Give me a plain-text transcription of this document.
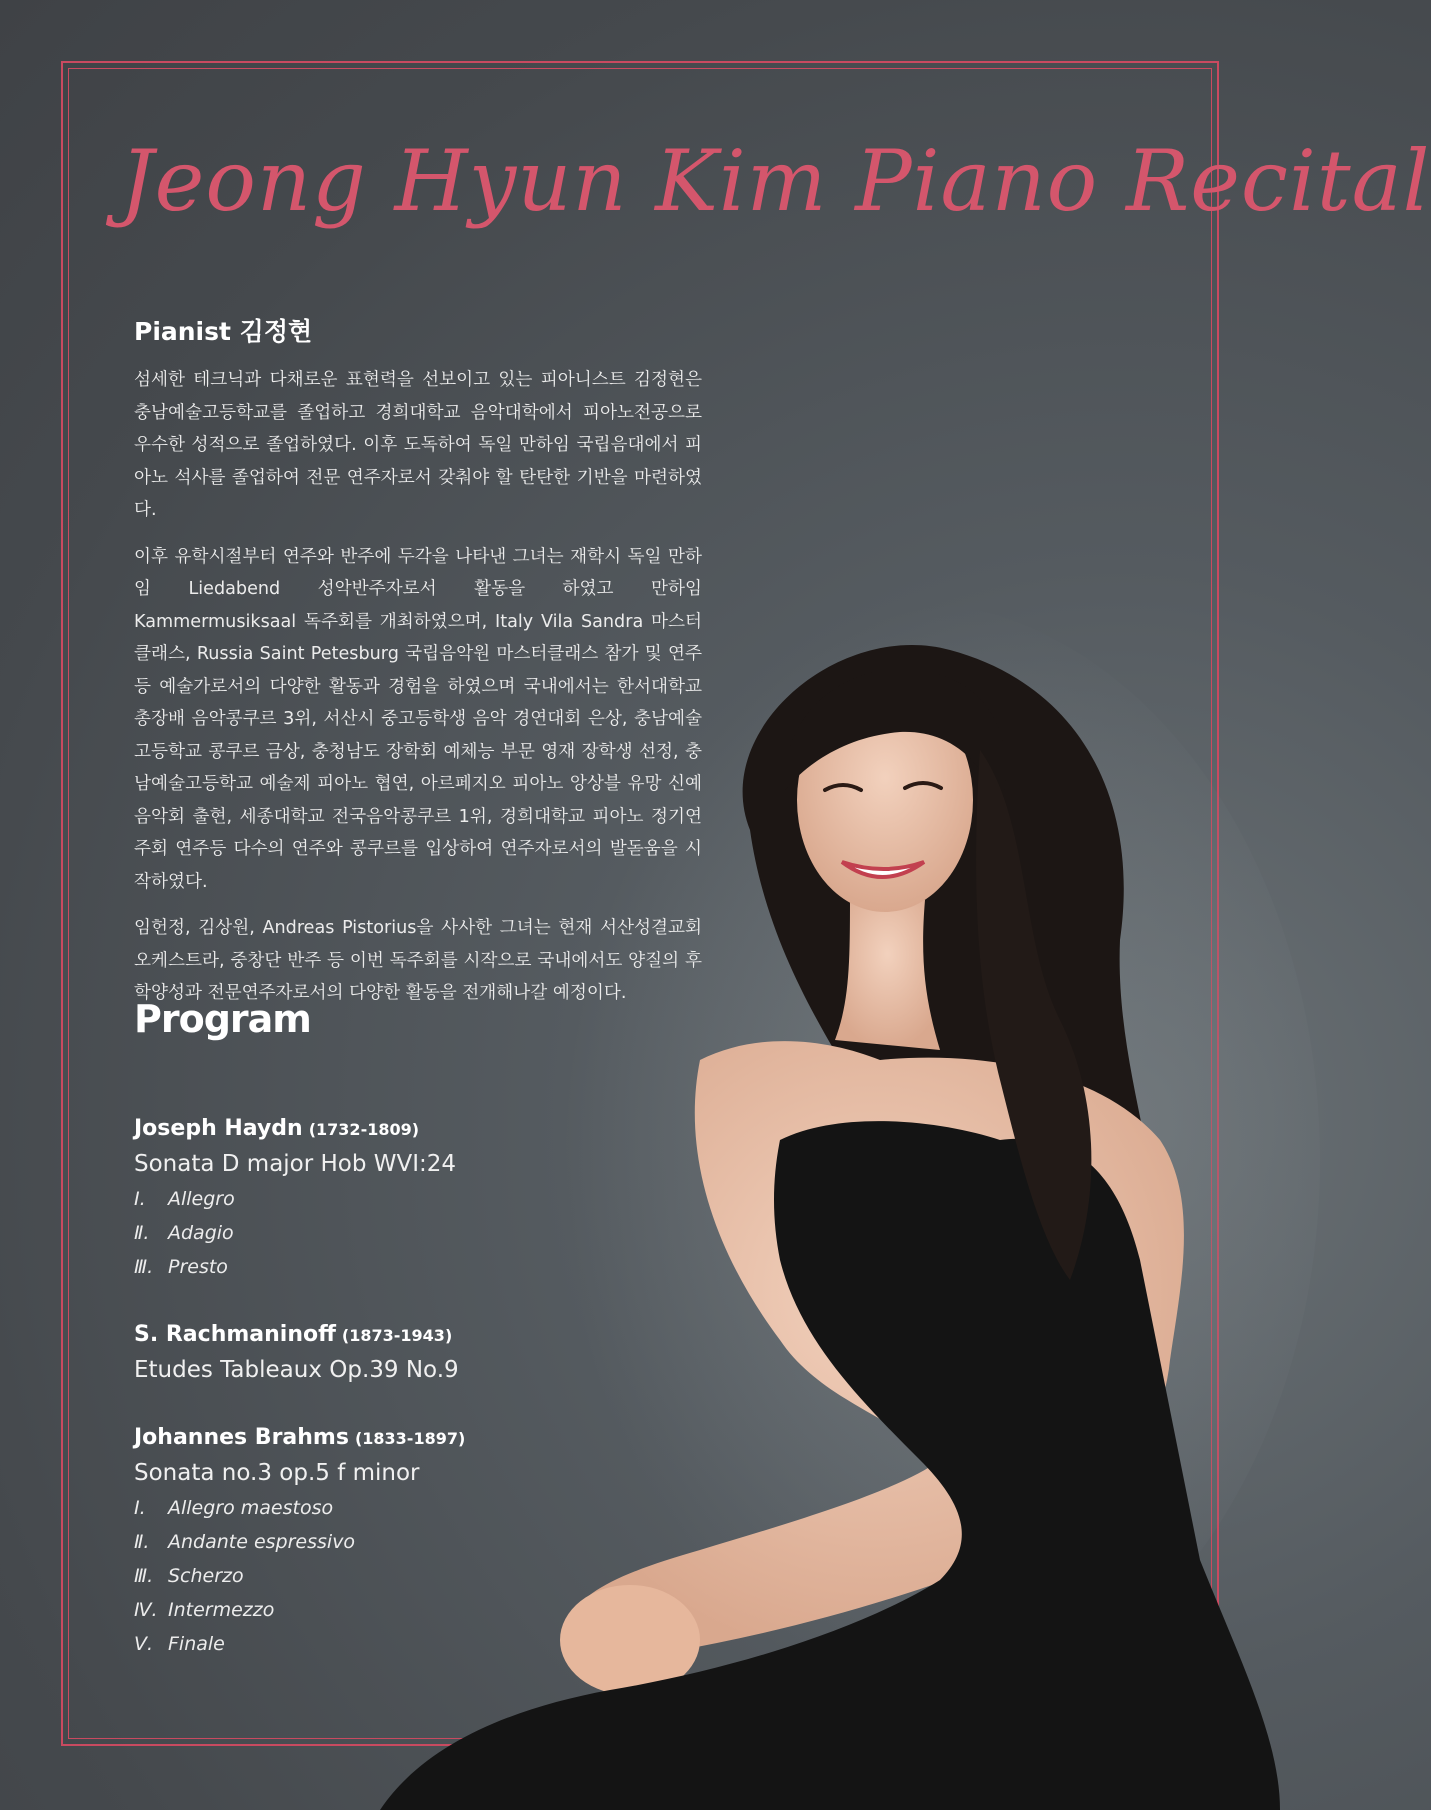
Jeong Hyun Kim Piano Recital
Pianist 김정현

섬세한 테크닉과 다채로운 표현력을 선보이고 있는 피아니스트 김정현은 충남예술고등학교를 졸업하고 경희대학교 음악대학에서 피아노전공으로 우수한 성적으로 졸업하였다. 이후 도독하여 독일 만하임 국립음대에서 피아노 석사를 졸업하여 전문 연주자로서 갖춰야 할 탄탄한 기반을 마련하였다.

이후 유학시절부터 연주와 반주에 두각을 나타낸 그녀는 재학시 독일 만하임 Liedabend 성악반주자로서 활동을 하였고 만하임 Kammermusiksaal 독주회를 개최하였으며, Italy Vila Sandra 마스터클래스, Russia Saint Petesburg 국립음악원 마스터클래스 참가 및 연주 등 예술가로서의 다양한 활동과 경험을 하였으며 국내에서는 한서대학교 총장배 음악콩쿠르 3위, 서산시 중고등학생 음악 경연대회 은상, 충남예술고등학교 콩쿠르 금상, 충청남도 장학회 예체능 부문 영재 장학생 선정, 충남예술고등학교 예술제 피아노 협연, 아르페지오 피아노 앙상블 유망 신예 음악회 출현, 세종대학교 전국음악콩쿠르 1위, 경희대학교 피아노 정기연주회 연주등 다수의 연주와 콩쿠르를 입상하여 연주자로서의 발돋움을 시작하였다.

임헌정, 김상원, Andreas Pistorius을 사사한 그녀는 현재 서산성결교회 오케스트라, 중창단 반주 등 이번 독주회를 시작으로 국내에서도 양질의 후학양성과 전문연주자로서의 다양한 활동을 전개해나갈 예정이다.

Program
Joseph Haydn (1732-1809)
Sonata D major Hob WVI:24
Ⅰ. Allegro
Ⅱ. Adagio
Ⅲ. Presto
S. Rachmaninoff (1873-1943)
Etudes Tableaux Op.39 No.9
Johannes Brahms (1833-1897)
Sonata no.3 op.5 f minor
Ⅰ. Allegro maestoso
Ⅱ. Andante espressivo
Ⅲ. Scherzo
Ⅳ. Intermezzo
Ⅴ. Finale
